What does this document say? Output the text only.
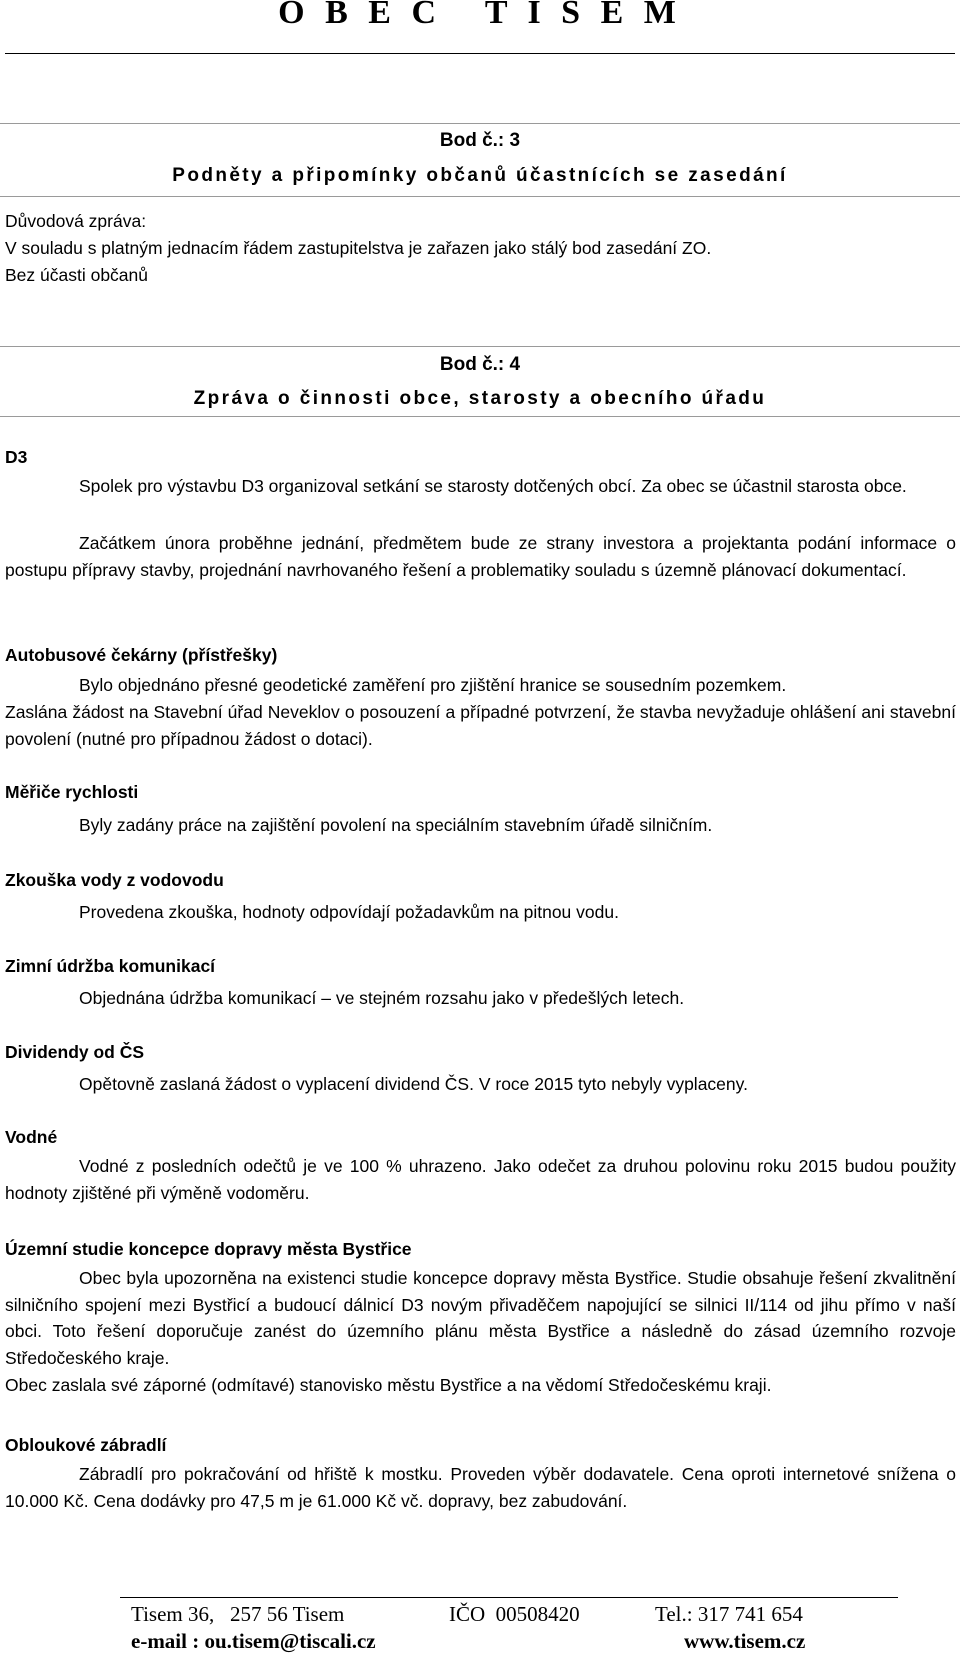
O B E C   T I S E M
Bod č.: 3
Podněty a připomínky občanů účastnících se zasedání
Důvodová zpráva:
V souladu s platným jednacím řádem zastupitelstva je zařazen jako stálý bod zasedání ZO.
Bez účasti občanů
Bod č.: 4
Zpráva o činnosti obce, starosty a obecního úřadu
D3
Spolek pro výstavbu D3 organizoval setkání se starosty dotčených obcí. Za obec se účastnil starosta obce.
Začátkem února proběhne jednání, předmětem bude ze strany investora a projektanta podání informace o postupu přípravy stavby, projednání navrhovaného řešení a problematiky souladu s územně plánovací dokumentací.
Autobusové čekárny (přístřešky)
Bylo objednáno přesné geodetické zaměření pro zjištění hranice se sousedním pozemkem.
Zaslána žádost na Stavební úřad Neveklov o posouzení a případné potvrzení, že stavba nevyžaduje ohlášení ani stavební povolení (nutné pro případnou žádost o dotaci).
Měřiče rychlosti
Byly zadány práce na zajištění povolení na speciálním stavebním úřadě silničním.
Zkouška vody z vodovodu
Provedena zkouška, hodnoty odpovídají požadavkům na pitnou vodu.
Zimní údržba komunikací
Objednána údržba komunikací – ve stejném rozsahu jako v předešlých letech.
Dividendy od ČS
Opětovně zaslaná žádost o vyplacení dividend ČS. V roce 2015 tyto nebyly vyplaceny.
Vodné
Vodné z posledních odečtů je ve 100 % uhrazeno. Jako odečet za druhou polovinu roku 2015 budou použity hodnoty zjištěné při výměně vodoměru.
Územní studie koncepce dopravy města Bystřice
Obec byla upozorněna na existenci studie koncepce dopravy města Bystřice. Studie obsahuje řešení zkvalitnění silničního spojení mezi Bystřicí a budoucí dálnicí D3 novým přivaděčem napojující se silnici II/114 od jihu přímo v naší obci. Toto řešení doporučuje zanést do územního plánu města Bystřice a následně do zásad územního rozvoje Středočeského kraje.
Obec zaslala své záporné (odmítavé) stanovisko městu Bystřice a na vědomí Středočeskému kraji.
Obloukové zábradlí
Zábradlí pro pokračování od hřiště k mostku. Proveden výběr dodavatele. Cena oproti internetové snížena o 10.000 Kč. Cena dodávky pro 47,5 m je 61.000 Kč vč. dopravy, bez zabudování.
Tisem 36,   257 56 Tisem	IČO  00508420	Tel.: 317 741 654
e-mail : ou.tisem@tiscali.cz	www.tisem.cz
